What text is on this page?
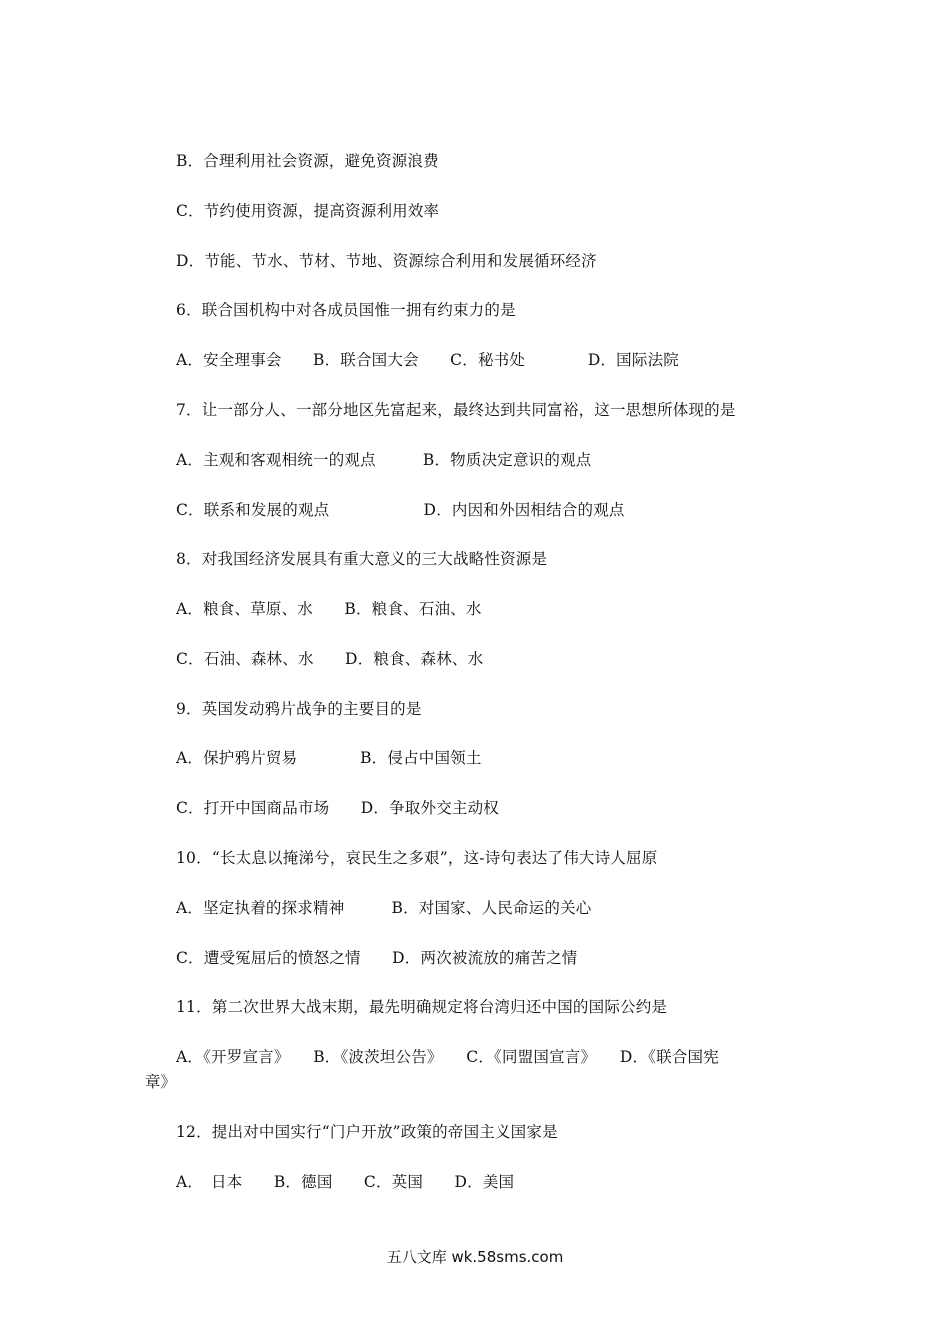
B．合理利用社会资源，避免资源浪费
C．节约使用资源，提高资源利用效率
D．节能、节水、节材、节地、资源综合利用和发展循环经济
6．联合国机构中对各成员国惟一拥有约束力的是
A．安全理事会　　B．联合国大会　　C．秘书处　　　　D．国际法院
7．让一部分人、一部分地区先富起来，最终达到共同富裕，这一思想所体现的是
A．主观和客观相统一的观点　　　B．物质决定意识的观点
C．联系和发展的观点　　　　　　D．内因和外因相结合的观点
8．对我国经济发展具有重大意义的三大战略性资源是
A．粮食、草原、水　　B．粮食、石油、水
C．石油、森林、水　　D．粮食、森林、水
9．英国发动鸦片战争的主要目的是
A．保护鸦片贸易　　　　B．侵占中国领土
C．打开中国商品市场　　D．争取外交主动权
10．“长太息以掩涕兮，哀民生之多艰”，这-诗句表达了伟大诗人屈原
A．坚定执着的探求精神　　　B．对国家、人民命运的关心
C．遭受冤屈后的愤怒之情　　D．两次被流放的痛苦之情
11．第二次世界大战末期，最先明确规定将台湾归还中国的国际公约是
A．《开罗宣言》　　B．《波茨坦公告》　　C．《同盟国宣言》　　D．《联合国宪
章》
12．提出对中国实行“门户开放”政策的帝国主义国家是
A．　日本　　B．德国　　C．英国　　D．美国
五八文库 wk.58sms.com
